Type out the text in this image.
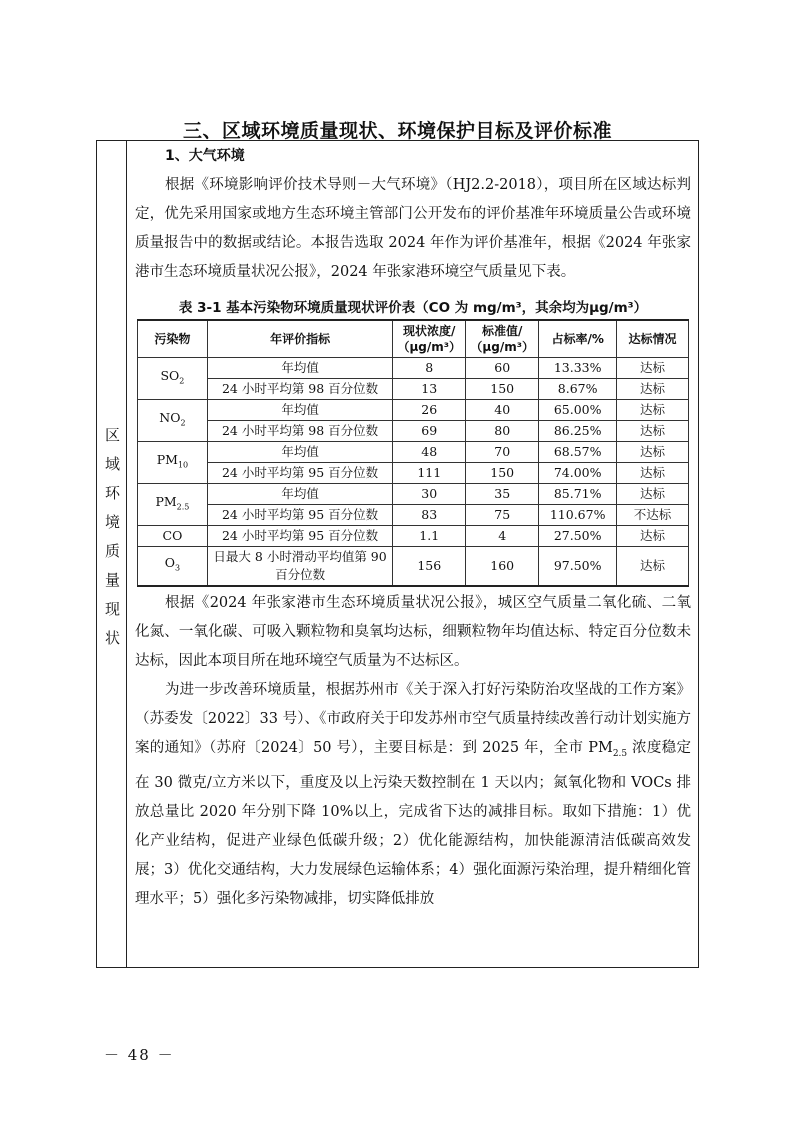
三、区域环境质量现状、环境保护目标及评价标准
区域环境质量现状
1、大气环境

根据《环境影响评价技术导则－大气环境》（HJ2.2-2018），项目所在区域达标判定，优先采用国家或地方生态环境主管部门公开发布的评价基准年环境质量公告或环境质量报告中的数据或结论。本报告选取 2024 年作为评价基准年，根据《2024 年张家港市生态环境质量状况公报》，2024 年张家港环境空气质量见下表。

表 3-1 基本污染物环境质量现状评价表（CO 为 mg/m³，其余均为μg/m³）
污染物	年评价指标	现状浓度/（μg/m³）	标准值/（μg/m³）	占标率/%	达标情况
$SO_2$	年均值	8	60	13.33%	达标
	24 小时平均第 98 百分位数	13	150	8.67%	达标
$NO_2$	年均值	26	40	65.00%	达标
	24 小时平均第 98 百分位数	69	80	86.25%	达标
$PM_{10}$	年均值	48	70	68.57%	达标
	24 小时平均第 95 百分位数	111	150	74.00%	达标
$PM_{2.5}$	年均值	30	35	85.71%	达标
	24 小时平均第 95 百分位数	83	75	110.67%	不达标
CO	24 小时平均第 95 百分位数	1.1	4	27.50%	达标
$O_3$	日最大 8 小时滑动平均值第 90 百分位数	156	160	97.50%	达标

根据《2024 年张家港市生态环境质量状况公报》，城区空气质量二氧化硫、二氧化氮、一氧化碳、可吸入颗粒物和臭氧均达标，细颗粒物年均值达标、特定百分位数未达标，因此本项目所在地环境空气质量为不达标区。

为进一步改善环境质量，根据苏州市《关于深入打好污染防治攻坚战的工作方案》（苏委发〔2022〕33 号）、《市政府关于印发苏州市空气质量持续改善行动计划实施方案的通知》（苏府〔2024〕50 号），主要目标是：到 2025 年，全市 $PM_{2.5}$ 浓度稳定在 30 微克/立方米以下，重度及以上污染天数控制在 1 天以内；氮氧化物和 VOCs 排放总量比 2020 年分别下降 10%以上，完成省下达的减排目标。取如下措施：1）优化产业结构，促进产业绿色低碳升级；2）优化能源结构，加快能源清洁低碳高效发展；3）优化交通结构，大力发展绿色运输体系；4）强化面源污染治理，提升精细化管理水平；5）强化多污染物减排，切实降低排放

－ 48 －
